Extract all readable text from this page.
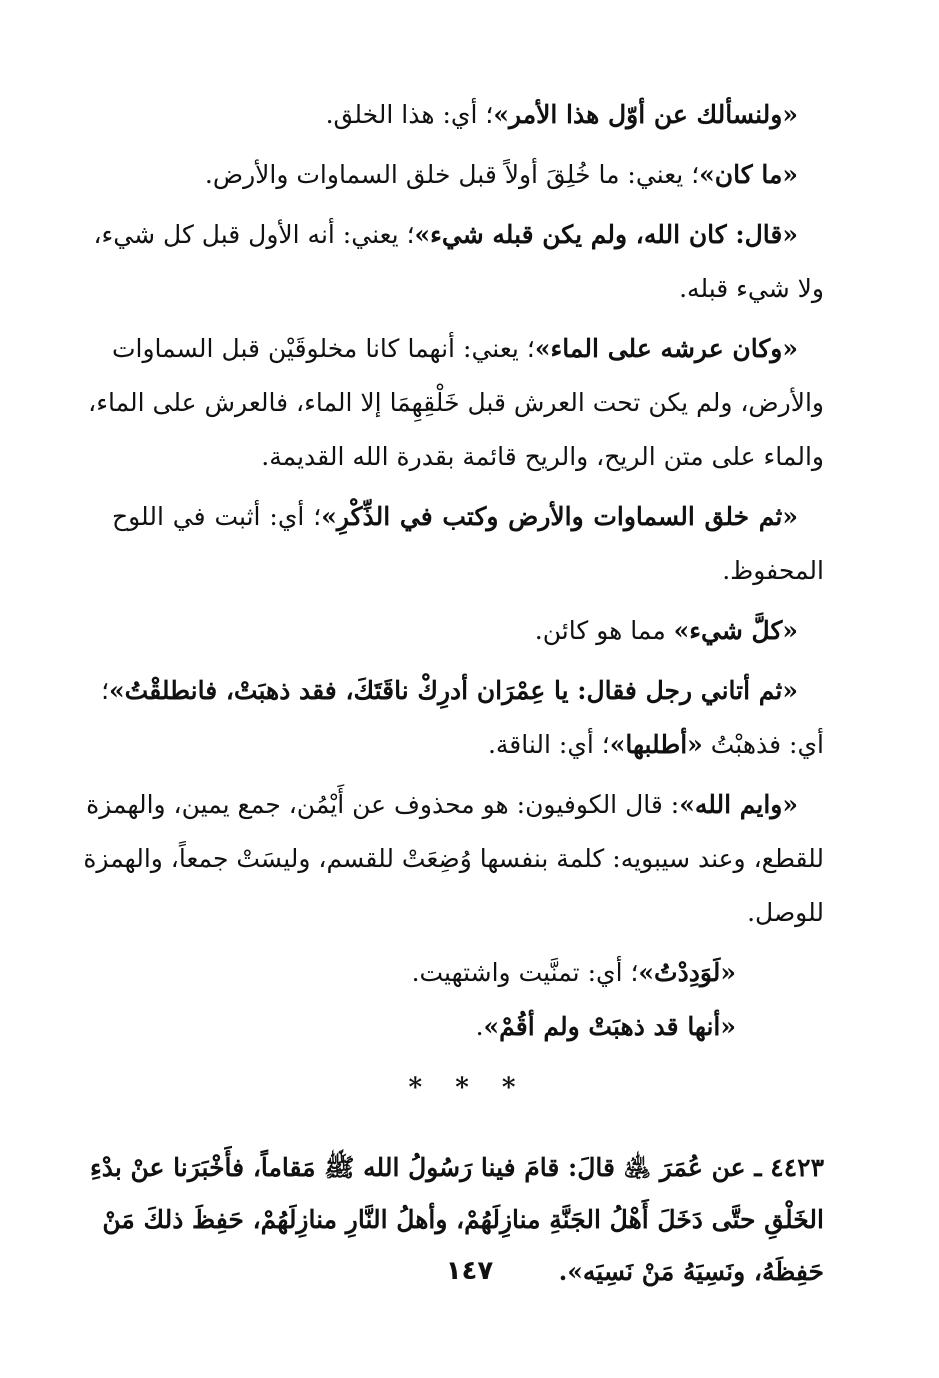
«ولنسألك عن أوّل هذا الأمر»؛ أي: هذا الخلق.
«ما كان»؛ يعني: ما خُلِقَ أولاً قبل خلق السماوات والأرض.
«قال: كان الله، ولم يكن قبله شيء»؛ يعني: أنه الأول قبل كل شيء،
ولا شيء قبله.
«وكان عرشه على الماء»؛ يعني: أنهما كانا مخلوقَيْن قبل السماوات
والأرض، ولم يكن تحت العرش قبل خَلْقِهِمَا إلا الماء، فالعرش على الماء،
والماء على متن الريح، والريح قائمة بقدرة الله القديمة.
«ثم خلق السماوات والأرض وكتب في الذِّكْرِ»؛ أي: أثبت في اللوح
المحفوظ.
«كلَّ شيء» مما هو كائن.
«ثم أتاني رجل فقال: يا عِمْرَان أدرِكْ ناقَتَكَ، فقد ذهبَتْ، فانطلقْتُ»؛
أي: فذهبْتُ «أطلبها»؛ أي: الناقة.
«وايم الله»: قال الكوفيون: هو محذوف عن أَيْمُن، جمع يمين، والهمزة
للقطع، وعند سيبويه: كلمة بنفسها وُضِعَتْ للقسم، وليسَتْ جمعاً، والهمزة
للوصل.
«لَوَدِدْتُ»؛ أي: تمنَّيت واشتهيت.
«أنها قد ذهبَتْ ولم أقُمْ».
* * *
٤٤٢٣ ـ عن عُمَرَ ﵁ قالَ: قامَ فينا رَسُولُ الله ﷺ مَقاماً، فأَخْبَرَنا عنْ بدْءِ
الخَلْقِ حتَّى دَخَلَ أَهْلُ الجَنَّةِ منازِلَهُمْ، وأهلُ النَّارِ منازِلَهُمْ، حَفِظَ ذلكَ مَنْ
حَفِظَهُ، ونَسِيَهُ مَنْ نَسِيَه».
١٤٧
